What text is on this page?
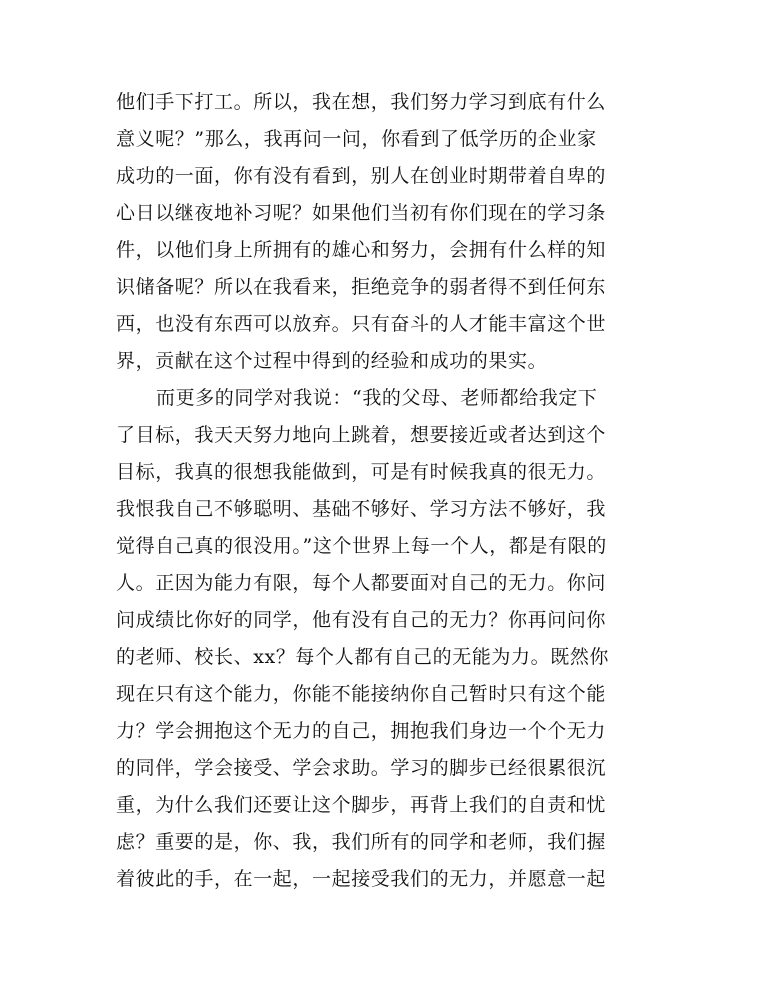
他们手下打工。所以，我在想，我们努力学习到底有什么
意义呢？”那么，我再问一问，你看到了低学历的企业家
成功的一面，你有没有看到，别人在创业时期带着自卑的
心日以继夜地补习呢？如果他们当初有你们现在的学习条
件，以他们身上所拥有的雄心和努力，会拥有什么样的知
识储备呢？所以在我看来，拒绝竞争的弱者得不到任何东
西，也没有东西可以放弃。只有奋斗的人才能丰富这个世
界，贡献在这个过程中得到的经验和成功的果实。
而更多的同学对我说：“我的父母、老师都给我定下
了目标，我天天努力地向上跳着，想要接近或者达到这个
目标，我真的很想我能做到，可是有时候我真的很无力。
我恨我自己不够聪明、基础不够好、学习方法不够好，我
觉得自己真的很没用。”这个世界上每一个人，都是有限的
人。正因为能力有限，每个人都要面对自己的无力。你问
问成绩比你好的同学，他有没有自己的无力？你再问问你
的老师、校长、xx？每个人都有自己的无能为力。既然你
现在只有这个能力，你能不能接纳你自己暂时只有这个能
力？学会拥抱这个无力的自己，拥抱我们身边一个个无力
的同伴，学会接受、学会求助。学习的脚步已经很累很沉
重，为什么我们还要让这个脚步，再背上我们的自责和忧
虑？重要的是，你、我，我们所有的同学和老师，我们握
着彼此的手，在一起，一起接受我们的无力，并愿意一起
